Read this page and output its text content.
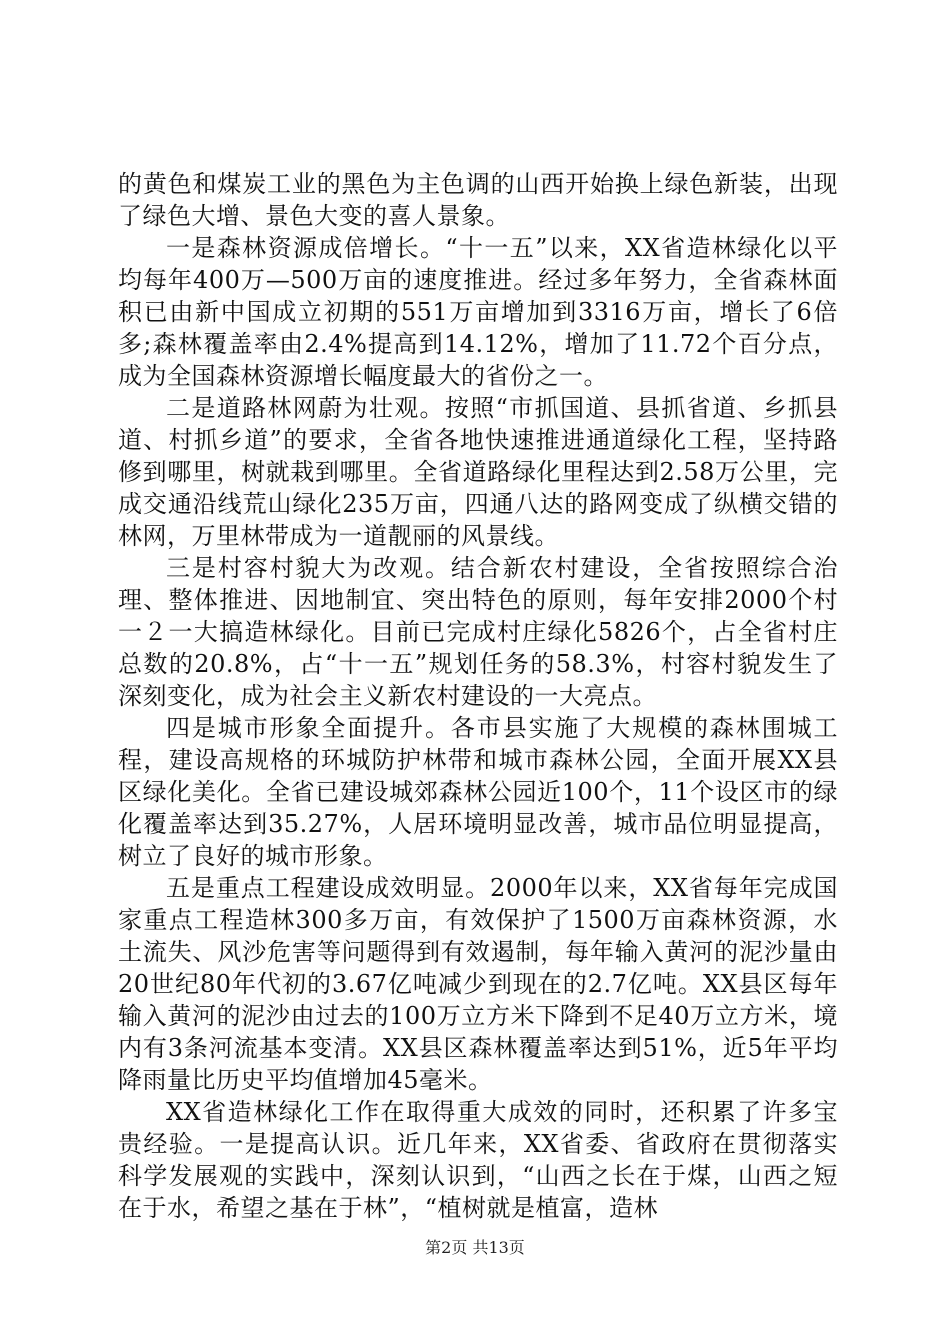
的黄色和煤炭工业的黑色为主色调的山西开始换上绿色新装，出现了绿色大增、景色大变的喜人景象。

一是森林资源成倍增长。“十一五”以来，XX省造林绿化以平均每年400万—500万亩的速度推进。经过多年努力，全省森林面积已由新中国成立初期的551万亩增加到3316万亩，增长了6倍多;森林覆盖率由2.4%提高到14.12%，增加了11.72个百分点，成为全国森林资源增长幅度最大的省份之一。

二是道路林网蔚为壮观。按照“市抓国道、县抓省道、乡抓县道、村抓乡道”的要求，全省各地快速推进通道绿化工程，坚持路修到哪里，树就栽到哪里。全省道路绿化里程达到2.58万公里，完成交通沿线荒山绿化235万亩，四通八达的路网变成了纵横交错的林网，万里林带成为一道靓丽的风景线。

三是村容村貌大为改观。结合新农村建设，全省按照综合治理、整体推进、因地制宜、突出特色的原则，每年安排2000个村一２一大搞造林绿化。目前已完成村庄绿化5826个，占全省村庄总数的20.8%，占“十一五”规划任务的58.3%，村容村貌发生了深刻变化，成为社会主义新农村建设的一大亮点。

四是城市形象全面提升。各市县实施了大规模的森林围城工程，建设高规格的环城防护林带和城市森林公园，全面开展XX县区绿化美化。全省已建设城郊森林公园近100个，11个设区市的绿化覆盖率达到35.27%，人居环境明显改善，城市品位明显提高，树立了良好的城市形象。

五是重点工程建设成效明显。2000年以来，XX省每年完成国家重点工程造林300多万亩，有效保护了1500万亩森林资源，水土流失、风沙危害等问题得到有效遏制，每年输入黄河的泥沙量由20世纪80年代初的3.67亿吨减少到现在的2.7亿吨。XX县区每年输入黄河的泥沙由过去的100万立方米下降到不足40万立方米，境内有3条河流基本变清。XX县区森林覆盖率达到51%，近5年平均降雨量比历史平均值增加45毫米。

XX省造林绿化工作在取得重大成效的同时，还积累了许多宝贵经验。一是提高认识。近几年来，XX省委、省政府在贯彻落实科学发展观的实践中，深刻认识到，“山西之长在于煤，山西之短在于水，希望之基在于林”，“植树就是植富，造林

第2页 共13页
